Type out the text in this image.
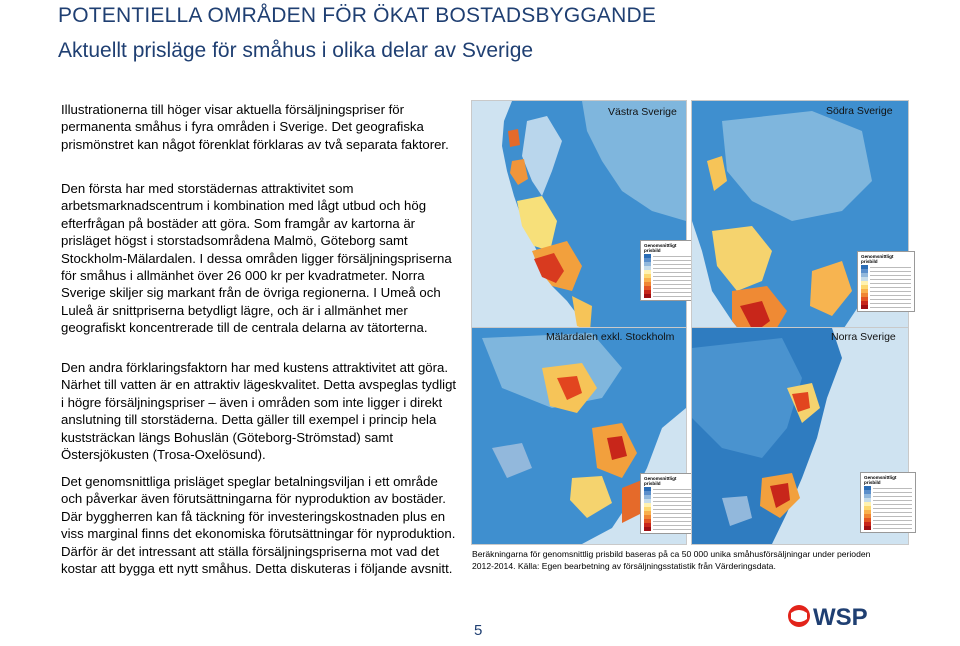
POTENTIELLA OMRÅDEN FÖR ÖKAT BOSTADSBYGGANDE
Aktuellt prisläge för småhus i olika delar av Sverige

Illustrationerna till höger visar aktuella försäljningspriser för permanenta småhus i fyra områden i Sverige. Det geografiska prismönstret kan något förenklat förklaras av två separata faktorer.

Den första har med storstädernas attraktivitet som arbetsmarknadscentrum i kombination med lågt utbud och hög efterfrågan på bostäder att göra. Som framgår av kartorna är prisläget högst i storstadsområdena Malmö, Göteborg samt Stockholm-Mälardalen. I dessa områden ligger försäljningspriserna för småhus i allmänhet över 26 000 kr per kvadratmeter. Norra Sverige skiljer sig markant från de övriga regionerna. I Umeå och Luleå är snittpriserna betydligt lägre, och är i allmänhet mer geografiskt koncentrerade till de centrala delarna av tätorterna.

Den andra förklaringsfaktorn har med kustens attraktivitet att göra. Närhet till vatten är en attraktiv lägeskvalitet. Detta avspeglas tydligt i högre försäljningspriser – även i områden som inte ligger i direkt anslutning till storstäderna. Detta gäller till exempel i princip hela kuststräckan längs Bohuslän (Göteborg-Strömstad) samt Östersjökusten (Trosa-Oxelösund).

Det genomsnittliga prisläget speglar betalningsviljan i ett område och påverkar även förutsättningarna för nyproduktion av bostäder. Där byggherren kan få täckning för investeringskostnaden plus en viss marginal finns det ekonomiska förutsättningar för nyproduktion. Därför är det intressant att ställa försäljningspriserna mot vad det kostar att bygga ett nytt småhus. Detta diskuteras i följande avsnitt.

Västra Sverige
Genomsnittligt prisbild
Södra Sverige
Genomsnittligt prisbild
Mälardalen exkl. Stockholm
Genomsnittligt prisbild
Norra Sverige
Genomsnittligt prisbild

Beräkningarna för genomsnittlig prisbild baseras på ca 50 000 unika småhusförsäljningar under perioden 2012-2014. Källa: Egen bearbetning av försäljningsstatistik från Värderingsdata.

5	WSP
